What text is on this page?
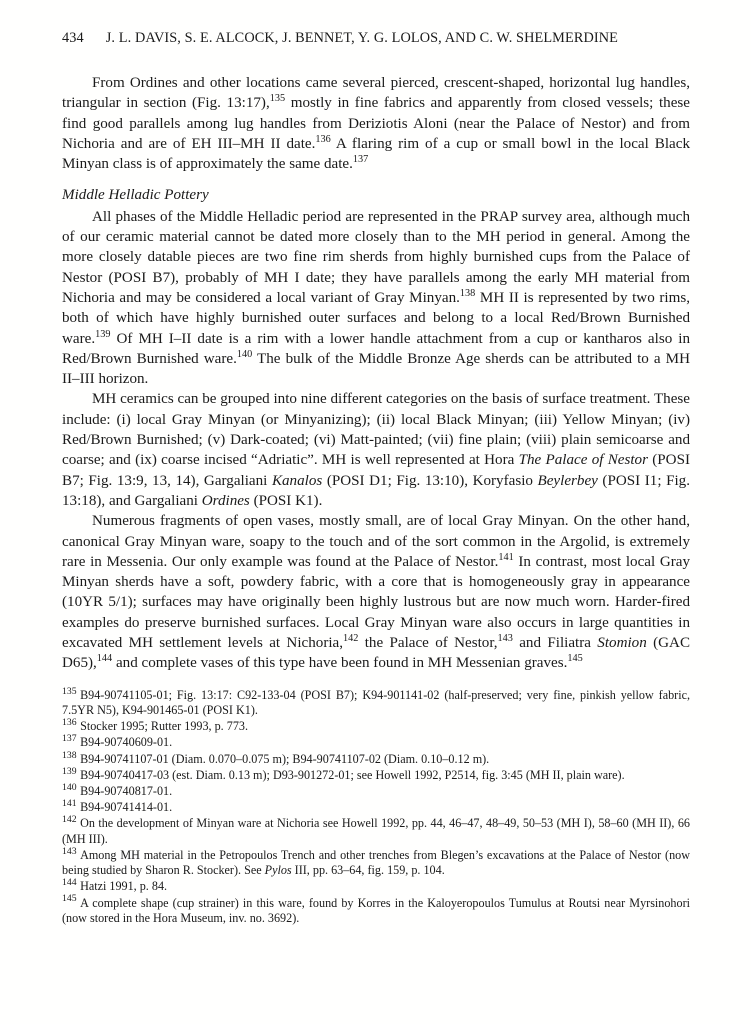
434 J. L. DAVIS, S. E. ALCOCK, J. BENNET, Y. G. LOLOS, AND C. W. SHELMERDINE

From Ordines and other locations came several pierced, crescent-shaped, horizontal lug handles, triangular in section (Fig. 13:17),$^{135}$ mostly in fine fabrics and apparently from closed vessels; these find good parallels among lug handles from Deriziotis Aloni (near the Palace of Nestor) and from Nichoria and are of EH III–MH II date.$^{136}$ A flaring rim of a cup or small bowl in the local Black Minyan class is of approximately the same date.$^{137}$

Middle Helladic Pottery

All phases of the Middle Helladic period are represented in the PRAP survey area, although much of our ceramic material cannot be dated more closely than to the MH period in general. Among the more closely datable pieces are two fine rim sherds from highly burnished cups from the Palace of Nestor (POSI B7), probably of MH I date; they have parallels among the early MH material from Nichoria and may be considered a local variant of Gray Minyan.$^{138}$ MH II is represented by two rims, both of which have highly burnished outer surfaces and belong to a local Red/Brown Burnished ware.$^{139}$ Of MH I–II date is a rim with a lower handle attachment from a cup or kantharos also in Red/Brown Burnished ware.$^{140}$ The bulk of the Middle Bronze Age sherds can be attributed to a MH II–III horizon.

MH ceramics can be grouped into nine different categories on the basis of surface treatment. These include: (i) local Gray Minyan (or Minyanizing); (ii) local Black Minyan; (iii) Yellow Minyan; (iv) Red/Brown Burnished; (v) Dark-coated; (vi) Matt-painted; (vii) fine plain; (viii) plain semicoarse and coarse; and (ix) coarse incised “Adriatic”. MH is well represented at Hora The Palace of Nestor (POSI B7; Fig. 13:9, 13, 14), Gargaliani Kanalos (POSI D1; Fig. 13:10), Koryfasio Beylerbey (POSI I1; Fig. 13:18), and Gargaliani Ordines (POSI K1).

Numerous fragments of open vases, mostly small, are of local Gray Minyan. On the other hand, canonical Gray Minyan ware, soapy to the touch and of the sort common in the Argolid, is extremely rare in Messenia. Our only example was found at the Palace of Nestor.$^{141}$ In contrast, most local Gray Minyan sherds have a soft, powdery fabric, with a core that is homogeneously gray in appearance (10YR 5/1); surfaces may have originally been highly lustrous but are now much worn. Harder-fired examples do preserve burnished surfaces. Local Gray Minyan ware also occurs in large quantities in excavated MH settlement levels at Nichoria,$^{142}$ the Palace of Nestor,$^{143}$ and Filiatra Stomion (GAC D65),$^{144}$ and complete vases of this type have been found in MH Messenian graves.$^{145}$

$^{135}$ B94-90741105-01; Fig. 13:17: C92-133-04 (POSI B7); K94-901141-02 (half-preserved; very fine, pinkish yellow fabric, 7.5YR N5), K94-901465-01 (POSI K1).

$^{136}$ Stocker 1995; Rutter 1993, p. 773.

$^{137}$ B94-90740609-01.

$^{138}$ B94-90741107-01 (Diam. 0.070–0.075 m); B94-90741107-02 (Diam. 0.10–0.12 m).

$^{139}$ B94-90740417-03 (est. Diam. 0.13 m); D93-901272-01; see Howell 1992, P2514, fig. 3:45 (MH II, plain ware).

$^{140}$ B94-90740817-01.

$^{141}$ B94-90741414-01.

$^{142}$ On the development of Minyan ware at Nichoria see Howell 1992, pp. 44, 46–47, 48–49, 50–53 (MH I), 58–60 (MH II), 66 (MH III).

$^{143}$ Among MH material in the Petropoulos Trench and other trenches from Blegen’s excavations at the Palace of Nestor (now being studied by Sharon R. Stocker). See Pylos III, pp. 63–64, fig. 159, p. 104.

$^{144}$ Hatzi 1991, p. 84.

$^{145}$ A complete shape (cup strainer) in this ware, found by Korres in the Kaloyeropoulos Tumulus at Routsi near Myrsinohori (now stored in the Hora Museum, inv. no. 3692).
